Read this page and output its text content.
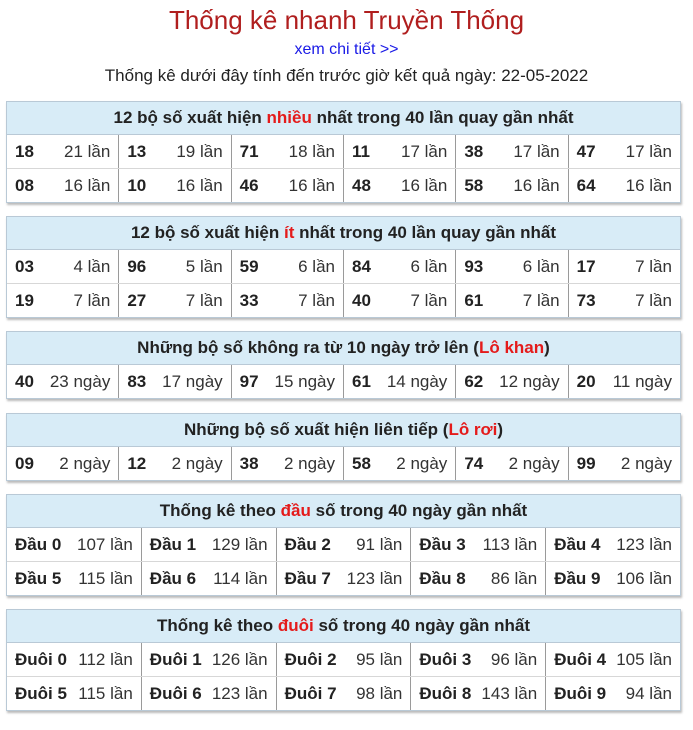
Thống kê nhanh Truyền Thống
xem chi tiết >>
Thống kê dưới đây tính đến trước giờ kết quả ngày: 22-05-2022
12 bộ số xuất hiện nhiều nhất trong 40 lần quay gần nhất
18 21 lần 13 19 lần 71 18 lần 11 17 lần 38 17 lần 47 17 lần
08 16 lần 10 16 lần 46 16 lần 48 16 lần 58 16 lần 64 16 lần
12 bộ số xuất hiện ít nhất trong 40 lần quay gần nhất
03 4 lần 96 5 lần 59 6 lần 84 6 lần 93 6 lần 17 7 lần
19 7 lần 27 7 lần 33 7 lần 40 7 lần 61 7 lần 73 7 lần
Những bộ số không ra từ 10 ngày trở lên (Lô khan)
40 23 ngày 83 17 ngày 97 15 ngày 61 14 ngày 62 12 ngày 20 11 ngày
Những bộ số xuất hiện liên tiếp (Lô rơi)
09 2 ngày 12 2 ngày 38 2 ngày 58 2 ngày 74 2 ngày 99 2 ngày
Thống kê theo đầu số trong 40 ngày gần nhất
Đầu 0 107 lần Đầu 1 129 lần Đầu 2 91 lần Đầu 3 113 lần Đầu 4 123 lần
Đầu 5 115 lần Đầu 6 114 lần Đầu 7 123 lần Đầu 8 86 lần Đầu 9 106 lần
Thống kê theo đuôi số trong 40 ngày gần nhất
Đuôi 0 112 lần Đuôi 1 126 lần Đuôi 2 95 lần Đuôi 3 96 lần Đuôi 4 105 lần
Đuôi 5 115 lần Đuôi 6 123 lần Đuôi 7 98 lần Đuôi 8 143 lần Đuôi 9 94 lần
